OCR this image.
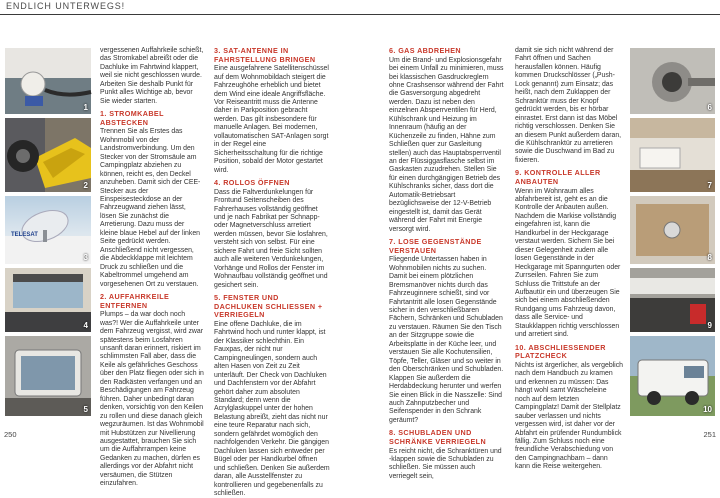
ENDLICH UNTERWEGS!
1
2
TELESAT
3
4
5

vergessenen Auffahrkeile schießt, das Stromkabel abreißt oder die Dachluke im Fahrtwind klappert, weil sie nicht geschlossen wurde. Arbeiten Sie deshalb Punkt für Punkt alles Wichtige ab, bevor Sie wieder starten.

1. STROMKABEL ABSTECKEN

Trennen Sie als Erstes das Wohnmobil von der Landstromverbindung. Um den Stecker von der Stromsäule am Campingplatz abziehen zu können, reicht es, den Deckel anzuheben. Damit sich der CEE-Stecker aus der Einspeisesteckdose an der Fahrzeugwand ziehen lässt, lösen Sie zunächst die Arretierung. Dazu muss der kleine blaue Hebel auf der linken Seite gedrückt werden. Anschließend nicht vergessen, die Abdeckklappe mit leichtem Druck zu schließen und die Kabeltrommel umgehend am vorgesehenen Ort zu verstauen.

2. AUFFAHRKEILE ENTFERNEN

Plumps – da war doch noch was?! Wer die Auffahrkeile unter dem Fahrzeug vergisst, wird zwar spätestens beim Losfahren unsanft daran erinnert, riskiert im schlimmsten Fall aber, dass die Keile als gefährliches Geschoss über den Platz fliegen oder sich in den Radkästen verfangen und an Beschädigungen am Fahrzeug führen. Daher unbedingt daran denken, vorsichtig von den Keilen zu rollen und diese danach gleich wegzuräumen. Ist das Wohnmobil mit Hubstützen zur Nivellierung ausgestattet, brauchen Sie sich um die Auffahrrampen keine Gedanken zu machen, dürfen es allerdings vor der Abfahrt nicht versäumen, die Stützen einzufahren.

3. SAT-ANTENNE IN FAHRSTELLUNG BRINGEN

Eine ausgefahrene Satellitenschüssel auf dem Wohnmobildach steigert die Fahrzeughöhe erheblich und bietet dem Wind eine ideale Angriffsfläche. Vor Reiseantritt muss die Antenne daher in Parkposition gebracht werden. Das gilt insbesondere für manuelle Anlagen. Bei modernen, vollautomatischen SAT-Anlagen sorgt in der Regel eine Sicherheitsschaltung für die richtige Position, sobald der Motor gestartet wird.

4. ROLLOS ÖFFNEN

Dass die Faltverdunkelungen für Frontund Seitenscheiben des Fahrerhauses vollständig geöffnet und je nach Fabrikat per Schnapp- oder Magnetverschluss arretiert werden müssen, bevor Sie losfahren, versteht sich von selbst. Für eine sichere Fahrt und freie Sicht sollten auch alle weiteren Verdunkelungen, Vorhänge und Rollos der Fenster im Wohnaufbau vollständig geöffnet und gesichert sein.

5. FENSTER UND DACHLUKEN SCHLIESSEN + VERRIEGELN

Eine offene Dachluke, die im Fahrtwind hoch und runter klappt, ist der Klassiker schlechthin. Ein Fauxpas, der nicht nur Campingneulingen, sondern auch alten Hasen von Zeit zu Zeit unterläuft. Der Check von Dachluken und Dachfenstern vor der Abfahrt gehört daher zum absoluten Standard; denn wenn die Acrylglaskuppel unter der hohen Belastung abreißt, zieht das nicht nur eine teure Reparatur nach sich, sondern gefährdet womöglich den nachfolgenden Verkehr. Die gängigen Dachluken lassen sich entweder per Bügel oder per Handkurbel öffnen und schließen. Denken Sie außerdem daran, alle Ausstellfenster zu kontrollieren und gegebenenfalls zu schließen.

6. GAS ABDREHEN

Um die Brand- und Explosionsgefahr bei einem Unfall zu minimieren, muss bei klassischen Gasdruckreglern ohne Crashsensor während der Fahrt die Gasversorgung abgedreht werden. Dazu ist neben den einzelnen Absperrventilen für Herd, Kühlschrank und Heizung im Innenraum (häufig an der Küchenzeile zu finden, Hähne zum Schließen quer zur Gasleitung stellen) auch das Hauptabsperrventil an der Flüssiggasflasche selbst im Gaskasten zuzudrehen. Stellen Sie für einen durchgängigen Betrieb des Kühlschranks sicher, dass dort die Automatik-Betriebsart bezüglichsweise der 12-V-Betrieb eingestellt ist, damit das Gerät während der Fahrt mit Energie versorgt wird.

7. LOSE GEGENSTÄNDE VERSTAUEN

Fliegende Untertassen haben in Wohnmobilen nichts zu suchen. Damit bei einem plötzlichen Bremsmanöver nichts durch das Fahrzeuginnere schießt, sind vor Fahrtantritt alle losen Gegenstände sicher in den verschließbaren Fächern, Schränken und Schubladen zu verstauen. Räumen Sie den Tisch an der Sitzgruppe sowie die Arbeitsplatte in der Küche leer, und verstauen Sie alle Kochutensilien, Töpfe, Teller, Gläser und so weiter in den Oberschränken und Schubladen. Klappen Sie außerdem die Herdabdeckung herunter und werfen Sie einen Blick in die Nasszelle: Sind auch Zahnputzbecher und Seifenspender in den Schrank geräumt?

8. SCHUBLADEN UND SCHRÄNKE VERRIEGELN

Es reicht nicht, die Schranktüren und -klappen sowie die Schubladen zu schließen. Sie müssen auch verriegelt sein,

damit sie sich nicht während der Fahrt öffnen und Sachen herausfallen können. Häufig kommen Druckschlösser („Push-Lock genannt) zum Einsatz; das heißt, nach dem Zuklappen der Schranktür muss der Knopf gedrückt werden, bis er hörbar einrastet. Erst dann ist das Möbel richtig verschlossen. Denken Sie an diesem Punkt außerdem daran, die Kühlschranktür zu arretieren sowie die Duschwand im Bad zu fixieren.

9. KONTROLLE ALLER ANBAUTEN

Wenn im Wohnraum alles abfahrbereit ist, geht es an die Kontrolle der Anbauten außen. Nachdem die Markise vollständig eingefahren ist, kann die Handkurbel in der Heckgarage verstaut werden. Sichern Sie bei dieser Gelegenheit zudem alle losen Gegenstände in der Heckgarage mit Spanngurten oder Zurrseilen. Fahren Sie zum Schluss die Trittstufe an der Aufbautür ein und überzeugen Sie sich bei einem abschließenden Rundgang ums Fahrzeug davon, dass alle Service- und Staukklappen richtig verschlossen und arretiert sind.

10. ABSCHLIESSENDER PLATZCHECK

Nichts ist ärgerlicher, als vergeblich nach dem Handbuch zu kramen und erkennen zu müssen: Das hängt wohl samt Wäscheleine noch auf dem letzten Campingplatz! Damit der Stellplatz sauber verlassen und nichts vergessen wird, ist daher vor der Abfahrt ein prüfender Rundumblick fällig. Zum Schluss noch eine freundliche Verabschiedung von den Campingnachbarn – dann kann die Reise weitergehen.

6
7
8
9
10
250	251
